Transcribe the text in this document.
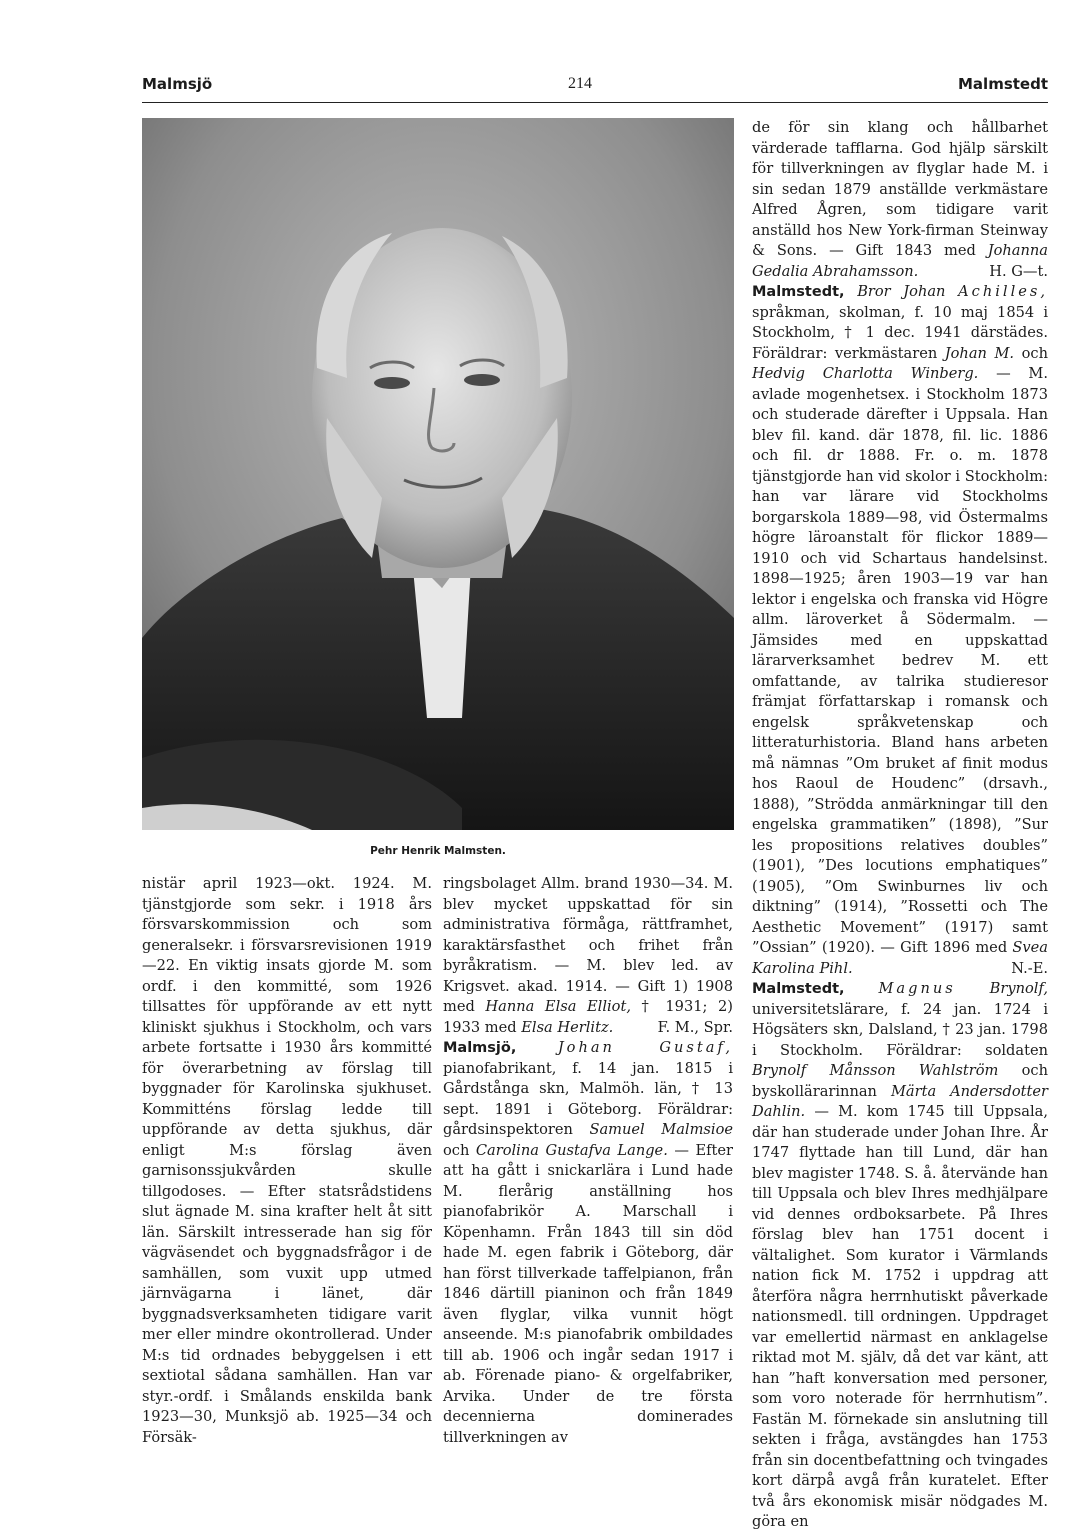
Malmsjö	214	Malmstedt
Pehr Henrik Malmsten.

nistär april 1923—okt. 1924. M. tjänstgjorde som sekr. i 1918 års försvarskommission och som generalsekr. i försvarsrevisionen 1919—22. En viktig insats gjorde M. som ordf. i den kommitté, som 1926 tillsattes för uppförande av ett nytt kliniskt sjukhus i Stockholm, och vars arbete fortsatte i 1930 års kommitté för överarbetning av förslag till byggnader för Karolinska sjukhuset. Kommitténs förslag ledde till uppförande av detta sjukhus, där enligt M:s förslag även garnisonssjukvården skulle tillgodoses. — Efter statsrådstidens slut ägnade M. sina krafter helt åt sitt län. Särskilt intresserade han sig för vägväsendet och byggnadsfrågor i de samhällen, som vuxit upp utmed järnvägarna i länet, där byggnadsverksamheten tidigare varit mer eller mindre okontrollerad. Under M:s tid ordnades bebyggelsen i ett sextiotal sådana samhällen. Han var styr.-ordf. i Smålands enskilda bank 1923—30, Munksjö ab. 1925—34 och Försäk-

ringsbolaget Allm. brand 1930—34. M. blev mycket uppskattad för sin administrativa förmåga, rättframhet, karaktärsfasthet och frihet från byråkratism. — M. blev led. av Krigsvet. akad. 1914. — Gift 1) 1908 med Hanna Elsa Elliot, † 1931; 2) 1933 med Elsa Herlitz.	F. M., Spr.

Malmsjö,	Johan Gustaf, pianofabrikant, f. 14 jan. 1815 i Gårdstånga skn, Malmöh. län, † 13 sept. 1891 i Göteborg. Föräldrar: gårdsinspektoren Samuel Malmsioe och Carolina Gustafva Lange. — Efter att ha gått i snickarlära i Lund hade M. flerårig anställning hos pianofabrikör A. Marschall i Köpenhamn. Från 1843 till sin död hade M. egen fabrik i Göteborg, där han först tillverkade taffelpianon, från 1846 därtill pianinon och från 1849 även flyglar, vilka vunnit högt anseende. M:s pianofabrik ombildades till ab. 1906 och ingår sedan 1917 i ab. Förenade piano- & orgelfabriker, Arvika. Under de tre första decennierna dominerades tillverkningen av

de för sin klang och hållbarhet värderade tafflarna. God hjälp särskilt för tillverkningen av flyglar hade M. i sin sedan 1879 anställde verkmästare Alfred Ågren, som tidigare varit anställd hos New York-firman Steinway & Sons. — Gift 1843 med Johanna Gedalia Abrahamsson.	H. G—t.

Malmstedt, Bror Johan Achilles, språkman, skolman, f. 10 maj 1854 i Stockholm, † 1 dec. 1941 därstädes. Föräldrar: verkmästaren Johan M. och Hedvig Charlotta Winberg. — M. avlade mogenhetsex. i Stockholm 1873 och studerade därefter i Uppsala. Han blev fil. kand. där 1878, fil. lic. 1886 och fil. dr 1888. Fr. o. m. 1878 tjänstgjorde han vid skolor i Stockholm: han var lärare vid Stockholms borgarskola 1889—98, vid Östermalms högre läroanstalt för flickor 1889—1910 och vid Schartaus handelsinst. 1898—1925; åren 1903—19 var han lektor i engelska och franska vid Högre allm. läroverket å Södermalm. — Jämsides med en uppskattad lärarverksamhet bedrev M. ett omfattande, av talrika studieresor främjat författarskap i romansk och engelsk språkvetenskap och litteraturhistoria. Bland hans arbeten må nämnas ”Om bruket af finit modus hos Raoul de Houdenc” (drsavh., 1888), ”Strödda anmärkningar till den engelska grammatiken” (1898), ”Sur les propositions relatives doubles” (1901), ”Des locutions emphatiques” (1905), ”Om Swinburnes liv och diktning” (1914), ”Rossetti och The Aesthetic Movement” (1917) samt ”Ossian” (1920). — Gift 1896 med Svea Karolina Pihl.	N.-E.

Malmstedt, Magnus Brynolf, universitetslärare, f. 24 jan. 1724 i Högsäters skn, Dalsland, † 23 jan. 1798 i Stockholm. Föräldrar: soldaten Brynolf Månsson Wahlström och byskollärarinnan Märta Andersdotter Dahlin. — M. kom 1745 till Uppsala, där han studerade under Johan Ihre. År 1747 flyttade han till Lund, där han blev magister 1748. S. å. återvände han till Uppsala och blev Ihres medhjälpare vid dennes ordboksarbete. På Ihres förslag blev han 1751 docent i vältalighet. Som kurator i Värmlands nation fick M. 1752 i uppdrag att återföra några herrnhutiskt påverkade nationsmedl. till ordningen. Uppdraget var emellertid närmast en anklagelse riktad mot M. själv, då det var känt, att han ”haft konversation med personer, som voro noterade för herrnhutism”. Fastän M. förnekade sin anslutning till sekten i fråga, avstängdes han 1753 från sin docentbefattning och tvingades kort därpå avgå från kuratelet. Efter två års ekonomisk misär nödgades M. göra en
